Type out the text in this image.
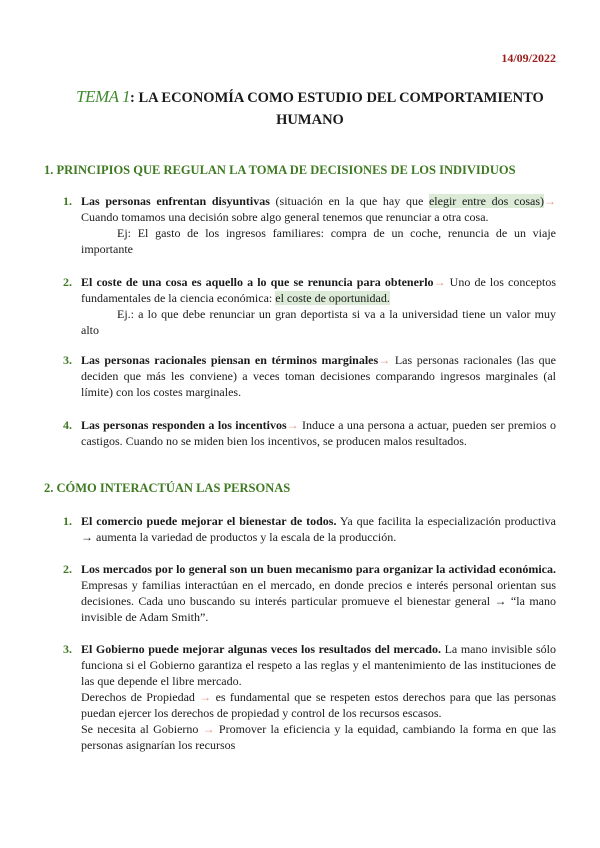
14/09/2022
TEMA 1: LA ECONOMÍA COMO ESTUDIO DEL COMPORTAMIENTO HUMANO
1. PRINCIPIOS QUE REGULAN LA TOMA DE DECISIONES DE LOS INDIVIDUOS
1. Las personas enfrentan disyuntivas (situación en la que hay que elegir entre dos cosas)→ Cuando tomamos una decisión sobre algo general tenemos que renunciar a otra cosa.
Ej: El gasto de los ingresos familiares: compra de un coche, renuncia de un viaje importante
2. El coste de una cosa es aquello a lo que se renuncia para obtenerlo→ Uno de los conceptos fundamentales de la ciencia económica: el coste de oportunidad.
Ej.: a lo que debe renunciar un gran deportista si va a la universidad tiene un valor muy alto
3. Las personas racionales piensan en términos marginales→ Las personas racionales (las que deciden que más les conviene) a veces toman decisiones comparando ingresos marginales (al límite) con los costes marginales.
4. Las personas responden a los incentivos→ Induce a una persona a actuar, pueden ser premios o castigos. Cuando no se miden bien los incentivos, se producen malos resultados.
2. CÓMO INTERACTÚAN LAS PERSONAS
1. El comercio puede mejorar el bienestar de todos. Ya que facilita la especialización productiva → aumenta la variedad de productos y la escala de la producción.
2. Los mercados por lo general son un buen mecanismo para organizar la actividad económica. Empresas y familias interactúan en el mercado, en donde precios e interés personal orientan sus decisiones. Cada uno buscando su interés particular promueve el bienestar general → “la mano invisible de Adam Smith”.
3. El Gobierno puede mejorar algunas veces los resultados del mercado. La mano invisible sólo funciona si el Gobierno garantiza el respeto a las reglas y el mantenimiento de las instituciones de las que depende el libre mercado.
Derechos de Propiedad → es fundamental que se respeten estos derechos para que las personas puedan ejercer los derechos de propiedad y control de los recursos escasos.
Se necesita al Gobierno → Promover la eficiencia y la equidad, cambiando la forma en que las personas asignarían los recursos
